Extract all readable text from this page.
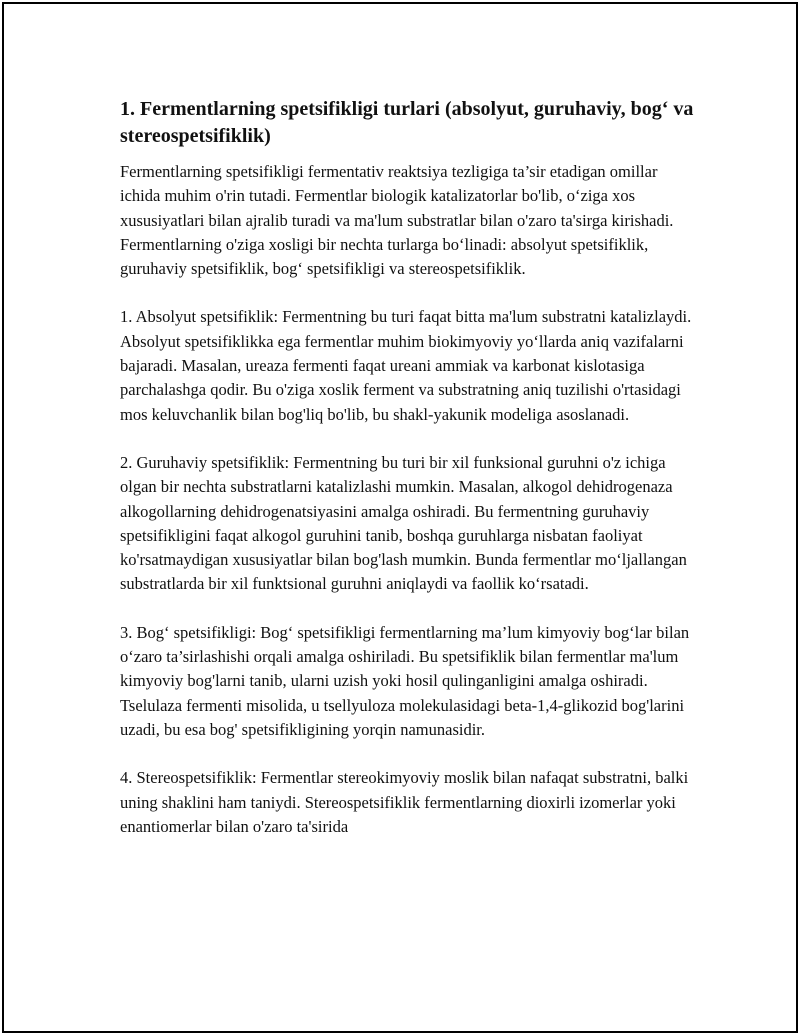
1. Fermentlarning spetsifikligi turlari (absolyut, guruhaviy, bog‘ va stereospetsifiklik)

Fermentlarning spetsifikligi fermentativ reaktsiya tezligiga ta’sir etadigan omillar ichida muhim o'rin tutadi. Fermentlar biologik katalizatorlar bo'lib, o‘ziga xos xususiyatlari bilan ajralib turadi va ma'lum substratlar bilan o'zaro ta'sirga kirishadi. Fermentlarning o'ziga xosligi bir nechta turlarga bo‘linadi: absolyut spetsifiklik, guruhaviy spetsifiklik, bog‘ spetsifikligi va stereospetsifiklik.

1. Absolyut spetsifiklik: Fermentning bu turi faqat bitta ma'lum substratni katalizlaydi. Absolyut spetsifiklikka ega fermentlar muhim biokimyoviy yo‘llarda aniq vazifalarni bajaradi. Masalan, ureaza fermenti faqat ureani ammiak va karbonat kislotasiga parchalashga qodir. Bu o'ziga xoslik ferment va substratning aniq tuzilishi o'rtasidagi mos keluvchanlik bilan bog'liq bo'lib, bu shakl-yakunik modeliga asoslanadi.

2. Guruhaviy spetsifiklik: Fermentning bu turi bir xil funksional guruhni o'z ichiga olgan bir nechta substratlarni katalizlashi mumkin. Masalan, alkogol dehidrogenaza alkogollarning dehidrogenatsiyasini amalga oshiradi. Bu fermentning guruhaviy spetsifikligini faqat alkogol guruhini tanib, boshqa guruhlarga nisbatan faoliyat ko'rsatmaydigan xususiyatlar bilan bog'lash mumkin. Bunda fermentlar mo‘ljallangan substratlarda bir xil funktsional guruhni aniqlaydi va faollik ko‘rsatadi.

3. Bog‘ spetsifikligi: Bog‘ spetsifikligi fermentlarning ma’lum kimyoviy bog‘lar bilan o‘zaro ta’sirlashishi orqali amalga oshiriladi. Bu spetsifiklik bilan fermentlar ma'lum kimyoviy bog'larni tanib, ularni uzish yoki hosil qulinganligini amalga oshiradi. Tselulaza fermenti misolida, u tsellyuloza molekulasidagi beta-1,4-glikozid bog'larini uzadi, bu esa bog' spetsifikligining yorqin namunasidir.

4. Stereospetsifiklik: Fermentlar stereokimyoviy moslik bilan nafaqat substratni, balki uning shaklini ham taniydi. Stereospetsifiklik fermentlarning dioxirli izomerlar yoki enantiomerlar bilan o'zaro ta'sirida
